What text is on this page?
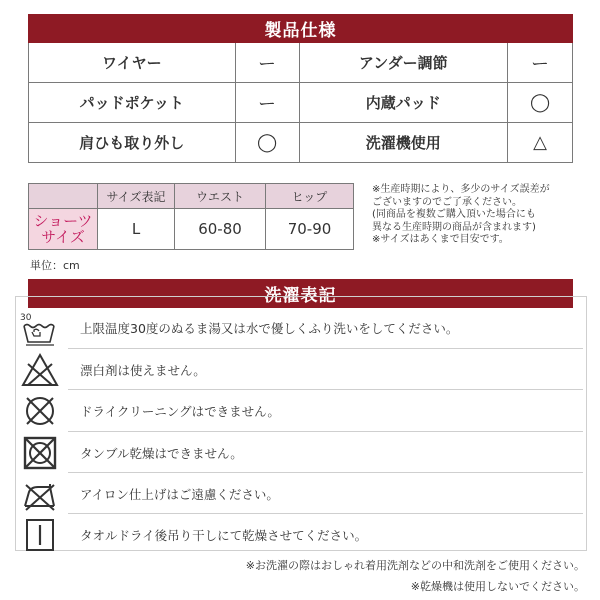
製品仕様
ワイヤー	ー	アンダー調節	ー
パッドポケット	ー	内蔵パッド	◯
肩ひも取り外し	◯	洗濯機使用	△
	サイズ表記	ウエスト	ヒップ

ショーツ
サイズ	L	60-80	70-90
※生産時期により、多少のサイズ誤差が
ございますのでご了承ください。
(同商品を複数ご購入頂いた場合にも
異なる生産時期の商品が含まれます)
※サイズはあくまで目安です。
単位：cm
洗濯表記
30
上限温度30度のぬるま湯又は水で優しくふり洗いをしてください。
漂白剤は使えません。
ドライクリーニングはできません。
タンブル乾燥はできません。
アイロン仕上げはご遠慮ください。
タオルドライ後吊り干しにて乾燥させてください。
※お洗濯の際はおしゃれ着用洗剤などの中和洗剤をご使用ください。
※乾燥機は使用しないでください。
